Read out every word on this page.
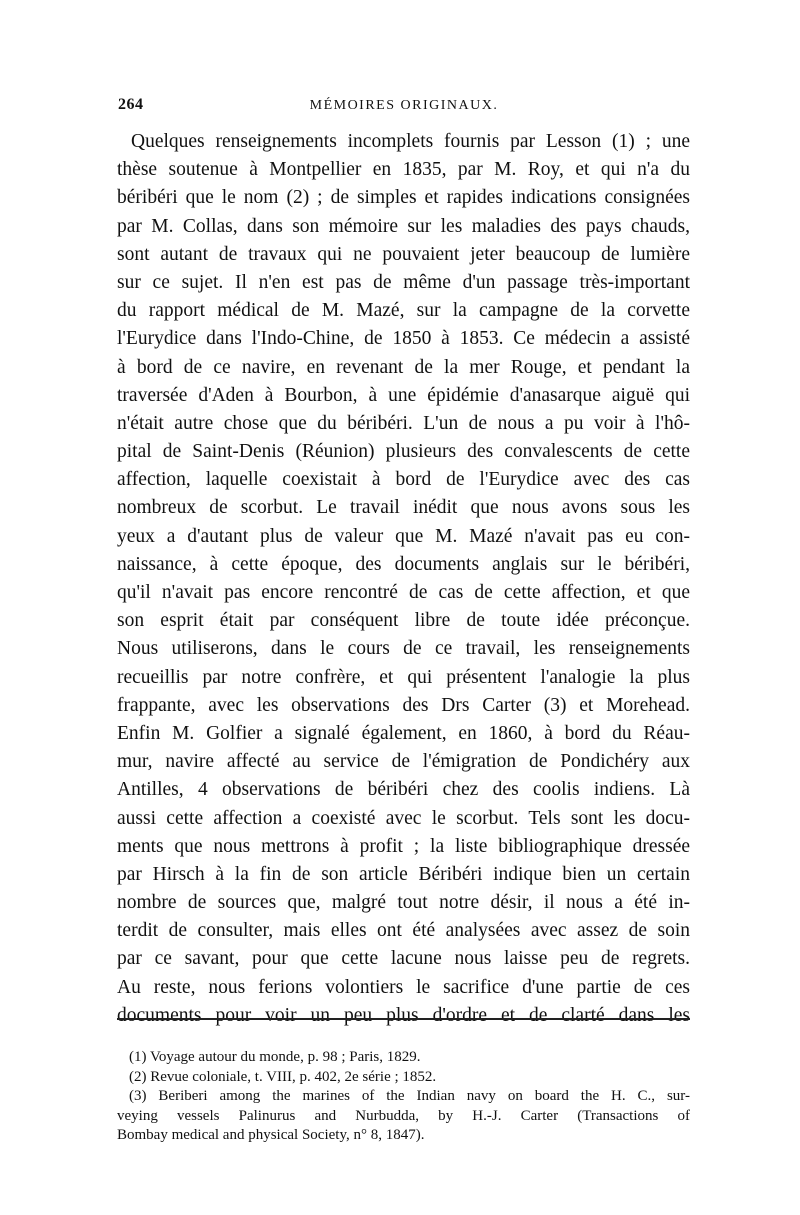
264	MÉMOIRES ORIGINAUX.
Quelques renseignements incomplets fournis par Lesson (1) ; une
thèse soutenue à Montpellier en 1835, par M. Roy, et qui n'a du
béribéri que le nom (2) ; de simples et rapides indications consignées
par M. Collas, dans son mémoire sur les maladies des pays chauds,
sont autant de travaux qui ne pouvaient jeter beaucoup de lumière
sur ce sujet. Il n'en est pas de même d'un passage très-important
du rapport médical de M. Mazé, sur la campagne de la corvette
l'Eurydice dans l'Indo-Chine, de 1850 à 1853. Ce médecin a assisté
à bord de ce navire, en revenant de la mer Rouge, et pendant la
traversée d'Aden à Bourbon, à une épidémie d'anasarque aiguë qui
n'était autre chose que du béribéri. L'un de nous a pu voir à l'hô-
pital de Saint-Denis (Réunion) plusieurs des convalescents de cette
affection, laquelle coexistait à bord de l'Eurydice avec des cas
nombreux de scorbut. Le travail inédit que nous avons sous les
yeux a d'autant plus de valeur que M. Mazé n'avait pas eu con-
naissance, à cette époque, des documents anglais sur le béribéri,
qu'il n'avait pas encore rencontré de cas de cette affection, et que
son esprit était par conséquent libre de toute idée préconçue.
Nous utiliserons, dans le cours de ce travail, les renseignements
recueillis par notre confrère, et qui présentent l'analogie la plus
frappante, avec les observations des Drs Carter (3) et Morehead.
Enfin M. Golfier a signalé également, en 1860, à bord du Réau-
mur, navire affecté au service de l'émigration de Pondichéry aux
Antilles, 4 observations de béribéri chez des coolis indiens. Là
aussi cette affection a coexisté avec le scorbut. Tels sont les docu-
ments que nous mettrons à profit ; la liste bibliographique dressée
par Hirsch à la fin de son article Béribéri indique bien un certain
nombre de sources que, malgré tout notre désir, il nous a été in-
terdit de consulter, mais elles ont été analysées avec assez de soin
par ce savant, pour que cette lacune nous laisse peu de regrets.
Au reste, nous ferions volontiers le sacrifice d'une partie de ces
documents pour voir un peu plus d'ordre et de clarté dans les
(1) Voyage autour du monde, p. 98 ; Paris, 1829.
(2) Revue coloniale, t. VIII, p. 402, 2e série ; 1852.
(3) Beriberi among the marines of the Indian navy on board the H. C., sur-
veying vessels Palinurus and Nurbudda, by H.-J. Carter (Transactions of
Bombay medical and physical Society, n° 8, 1847).
